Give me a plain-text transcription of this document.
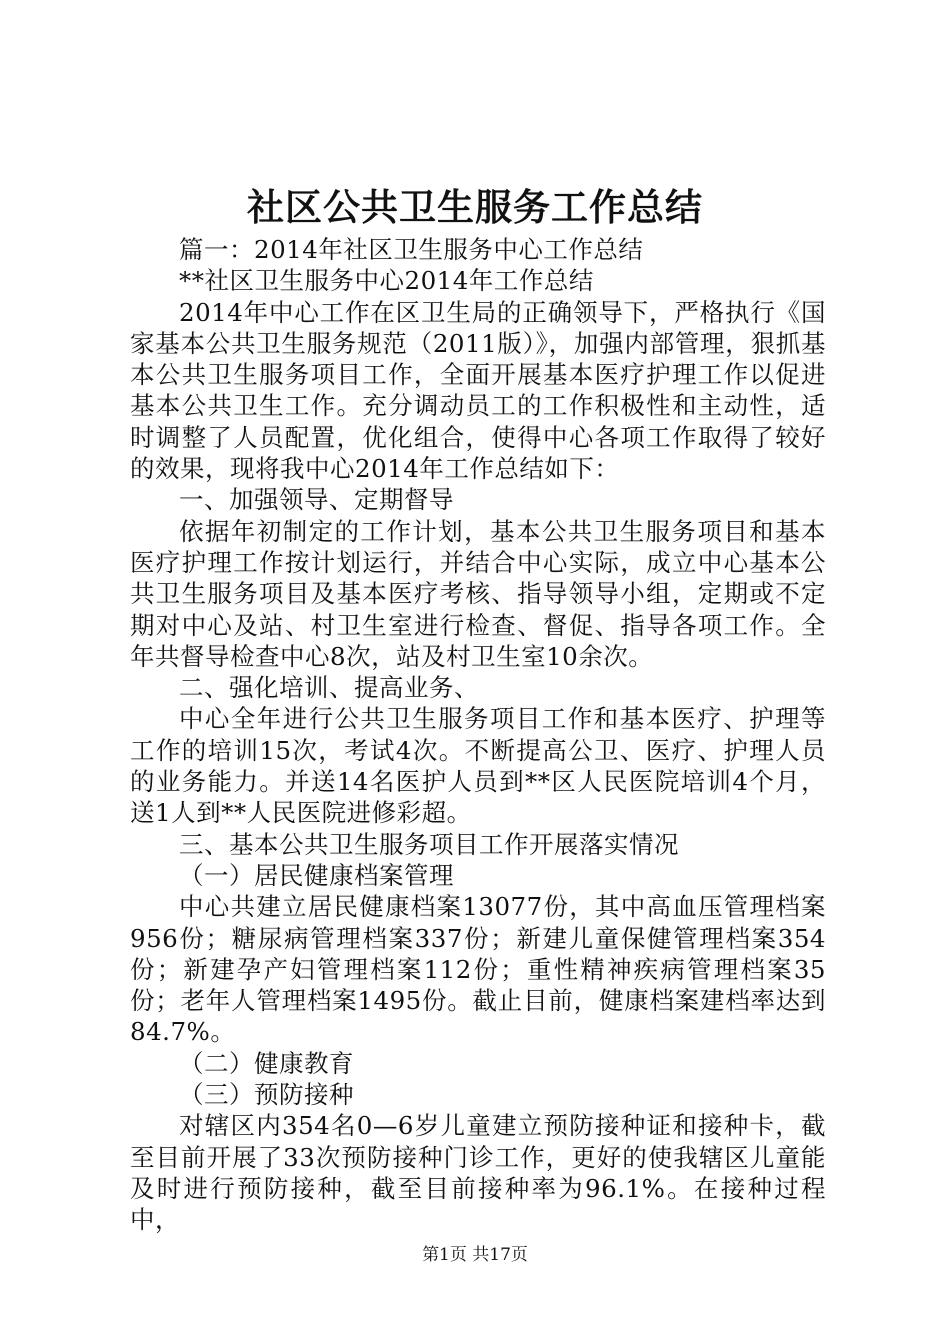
社区公共卫生服务工作总结

篇一：2014年社区卫生服务中心工作总结

**社区卫生服务中心2014年工作总结

2014年中心工作在区卫生局的正确领导下，严格执行《国家基本公共卫生服务规范（2011版）》，加强内部管理，狠抓基本公共卫生服务项目工作，全面开展基本医疗护理工作以促进基本公共卫生工作。充分调动员工的工作积极性和主动性，适时调整了人员配置，优化组合，使得中心各项工作取得了较好的效果，现将我中心2014年工作总结如下：

一、加强领导、定期督导

依据年初制定的工作计划，基本公共卫生服务项目和基本医疗护理工作按计划运行，并结合中心实际，成立中心基本公共卫生服务项目及基本医疗考核、指导领导小组，定期或不定期对中心及站、村卫生室进行检查、督促、指导各项工作。全年共督导检查中心8次，站及村卫生室10余次。

二、强化培训、提高业务、

中心全年进行公共卫生服务项目工作和基本医疗、护理等工作的培训15次，考试4次。不断提高公卫、医疗、护理人员的业务能力。并送14名医护人员到**区人民医院培训4个月，送1人到**人民医院进修彩超。

三、基本公共卫生服务项目工作开展落实情况

（一）居民健康档案管理

中心共建立居民健康档案13077份，其中高血压管理档案956份；糖尿病管理档案337份；新建儿童保健管理档案354份；新建孕产妇管理档案112份；重性精神疾病管理档案35份；老年人管理档案1495份。截止目前，健康档案建档率达到84.7%。

（二）健康教育

（三）预防接种

对辖区内354名0—6岁儿童建立预防接种证和接种卡，截至目前开展了33次预防接种门诊工作，更好的使我辖区儿童能及时进行预防接种，截至目前接种率为96.1%。在接种过程中，

第1页 共17页
